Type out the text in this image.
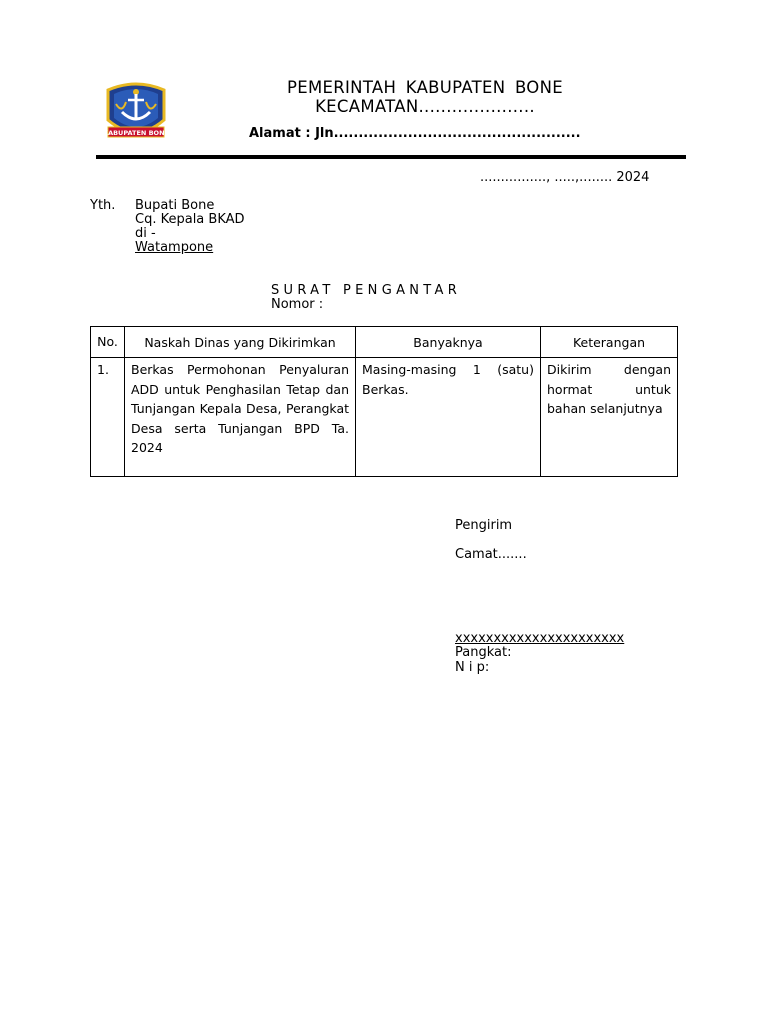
KABUPATEN BONE
PEMERINTAH KABUPATEN BONE
KECAMATAN.....................
Alamat : Jln..................................................
................, .....,........ 2024
Yth. Bupati Bone
Cq. Kepala BKAD
di -
Watampone
SURAT PENGANTAR
Nomor :
No.	Naskah Dinas yang Dikirimkan	Banyaknya	Keterangan
1.	Berkas Permohonan Penyaluran ADD untuk Penghasilan Tetap dan Tunjangan Kepala Desa, Perangkat Desa serta Tunjangan BPD Ta. 2024	Masing-masing 1 (satu) Berkas.	Dikirim dengan hormat untuk bahan selanjutnya
Pengirim
Camat.......
xxxxxxxxxxxxxxxxxxxxxx
Pangkat:
N i p:
